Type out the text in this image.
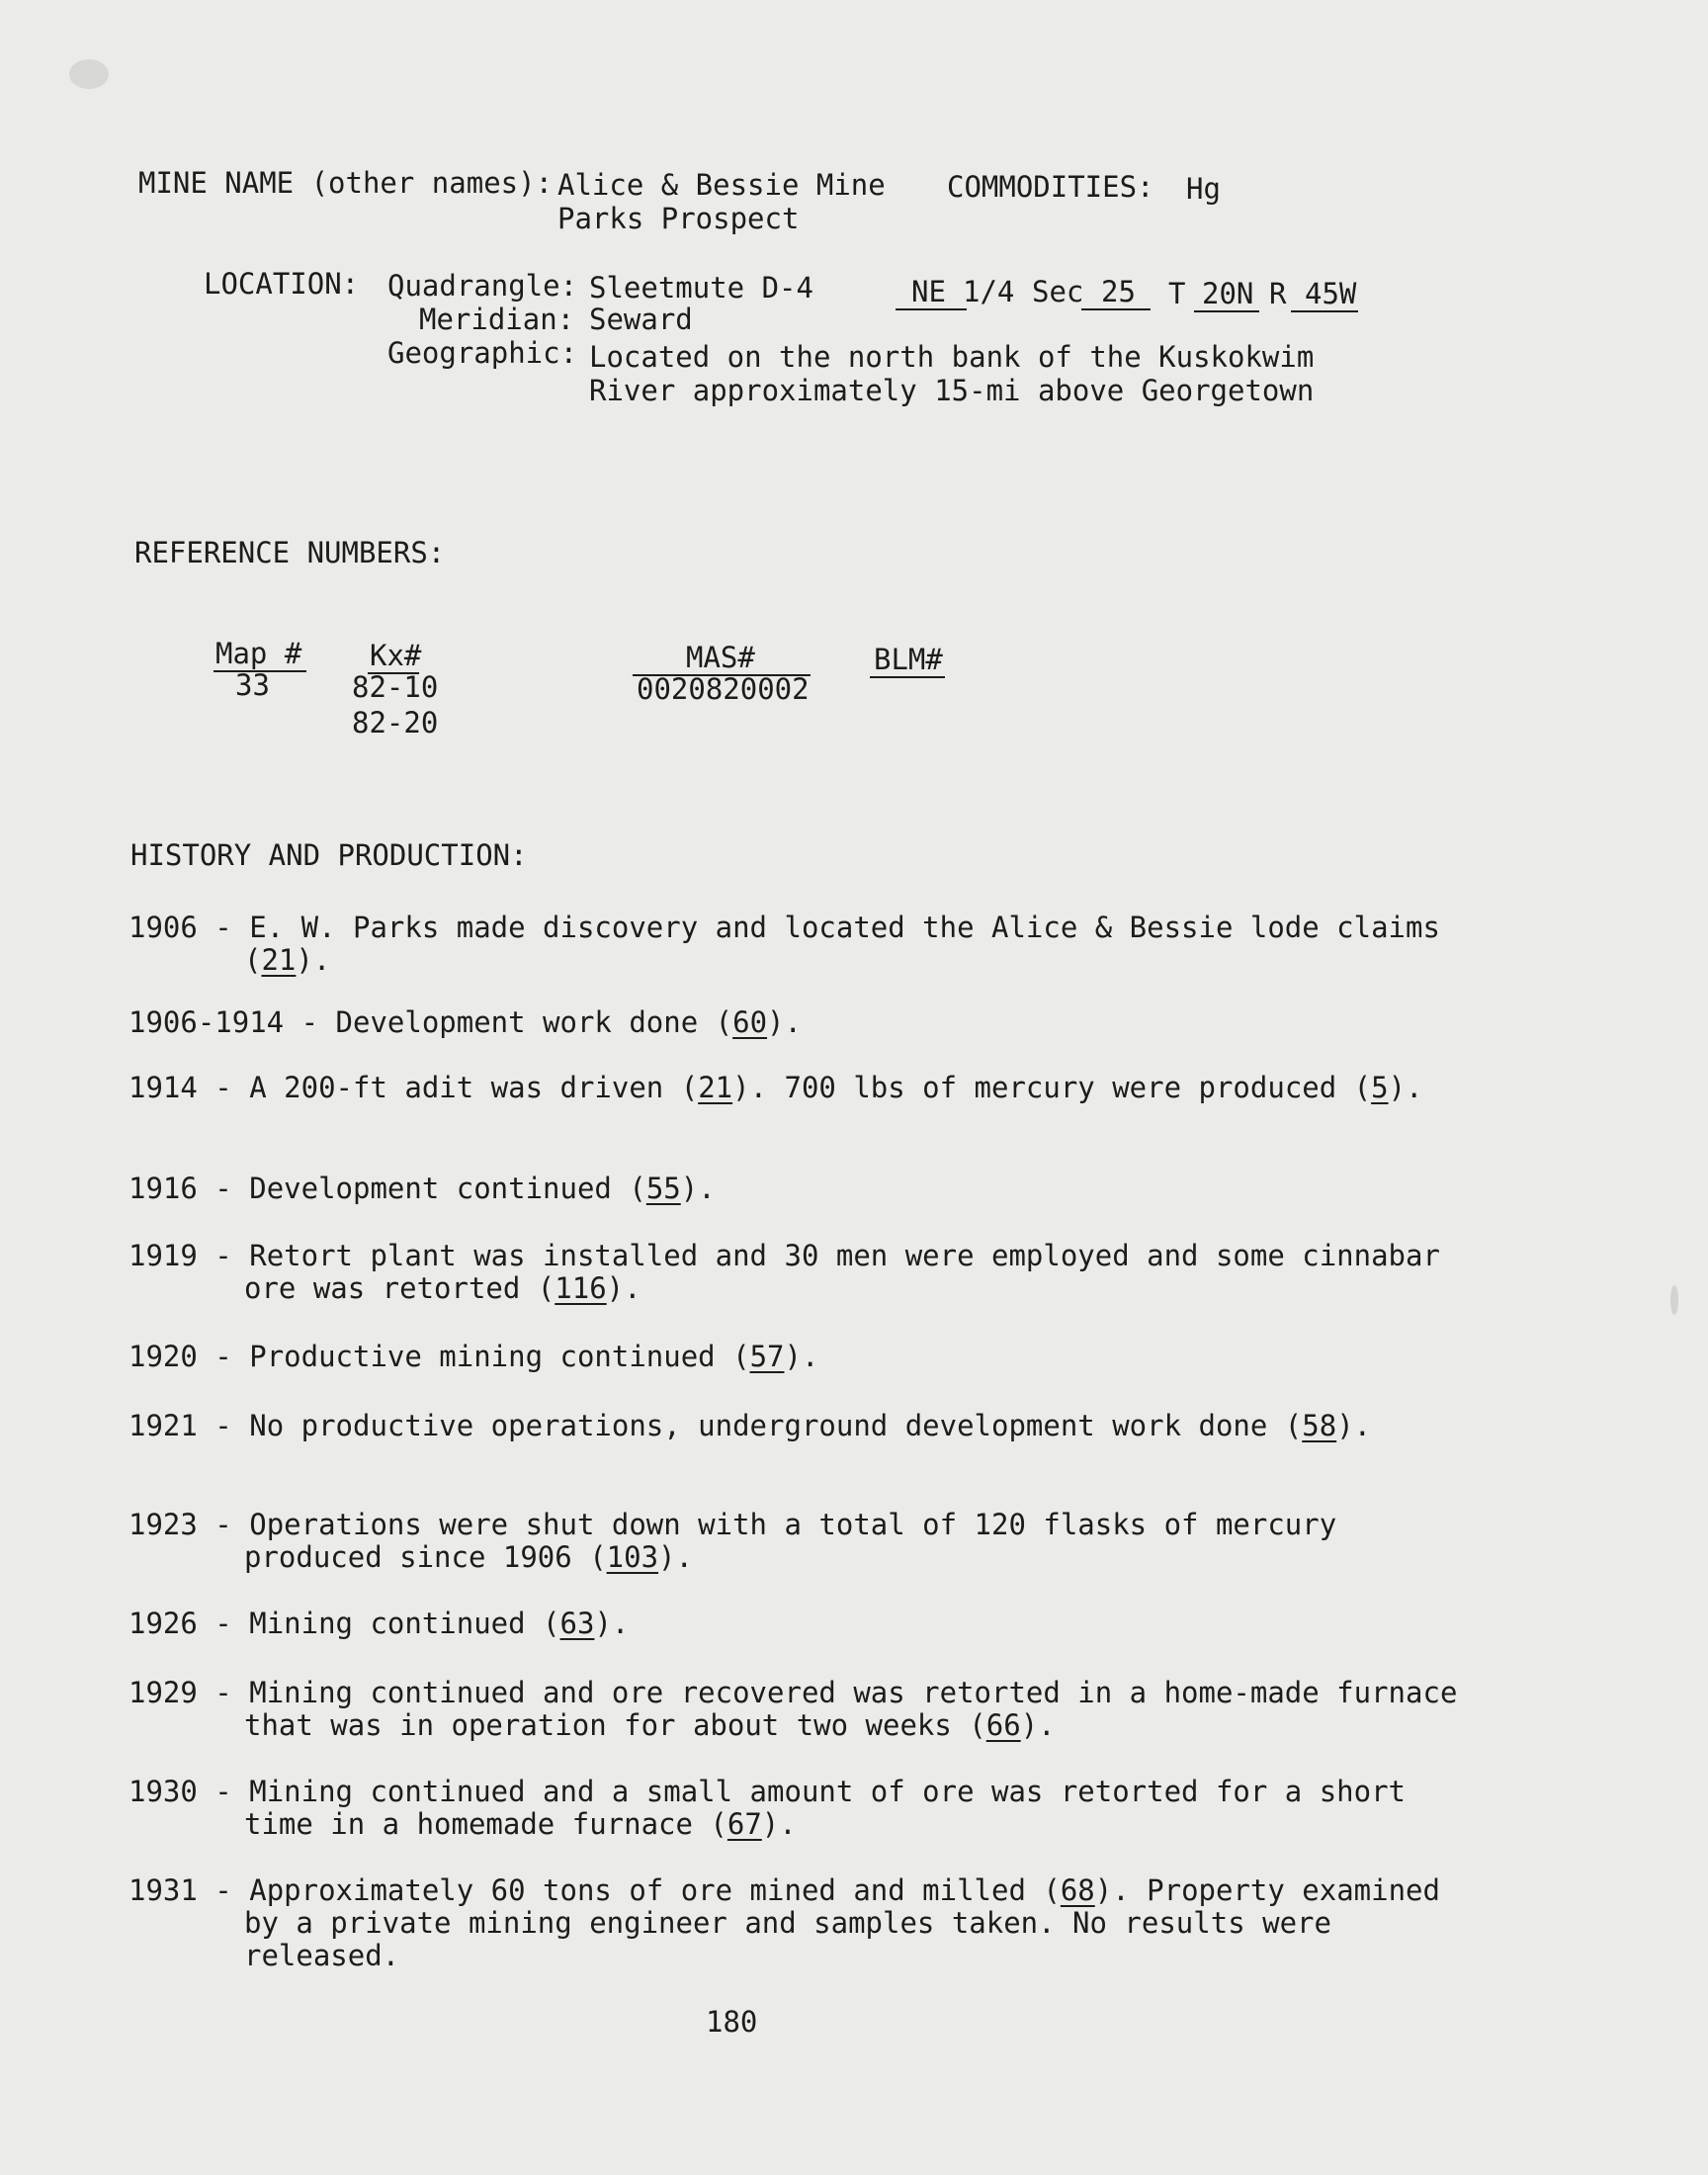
MINE NAME (other names): Alice & Bessie Mine
Parks Prospect
COMMODITIES: Hg
LOCATION: Quadrangle: Sleetmute D-4	NE 1/4 Sec 25 T 20N R 45W
Meridian: Seward
Geographic: Located on the north bank of the Kuskokwim
River approximately 15-mi above Georgetown
REFERENCE NUMBERS:
Map #
33
Kx#
82-10
82-20
MAS#
0020820002
BLM#
HISTORY AND PRODUCTION:
1906 - E. W. Parks made discovery and located the Alice & Bessie lode claims (21).
1906-1914 - Development work done (60).
1914 - A 200-ft adit was driven (21). 700 lbs of mercury were produced (5).
1916 - Development continued (55).
1919 - Retort plant was installed and 30 men were employed and some cinnabar ore was retorted (116).
1920 - Productive mining continued (57).
1921 - No productive operations, underground development work done (58).
1923 - Operations were shut down with a total of 120 flasks of mercury produced since 1906 (103).
1926 - Mining continued (63).
1929 - Mining continued and ore recovered was retorted in a home-made furnace that was in operation for about two weeks (66).
1930 - Mining continued and a small amount of ore was retorted for a short time in a homemade furnace (67).
1931 - Approximately 60 tons of ore mined and milled (68). Property examined by a private mining engineer and samples taken. No results were released.
180
